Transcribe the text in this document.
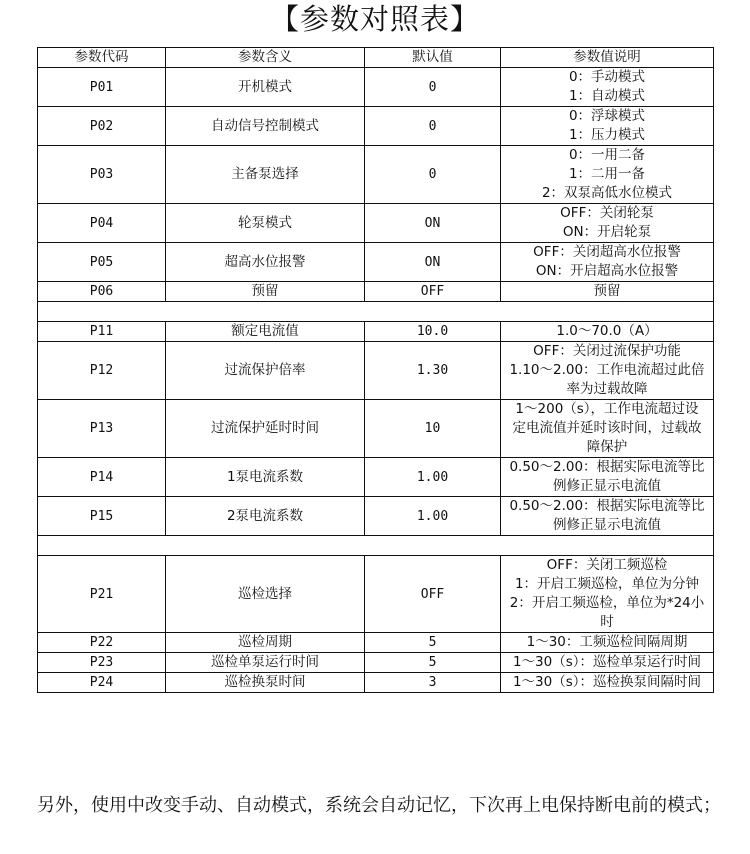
【参数对照表】
参数代码	参数含义	默认值	参数值说明
P01	开机模式	0	0：手动模式
1：自动模式
P02	自动信号控制模式	0	0：浮球模式
1：压力模式
P03	主备泵选择	0	0：一用二备
1：二用一备
2：双泵高低水位模式
P04	轮泵模式	ON	OFF：关闭轮泵
ON：开启轮泵
P05	超高水位报警	ON	OFF：关闭超高水位报警
ON：开启超高水位报警
P06	预留	OFF	预留

P11	额定电流值	10.0	1.0～70.0（A）
P12	过流保护倍率	1.30	OFF：关闭过流保护功能
1.10～2.00：工作电流超过此倍
率为过载故障
P13	过流保护延时时间	10	1～200（s），工作电流超过设
定电流值并延时该时间，过载故
障保护
P14	1泵电流系数	1.00	0.50～2.00：根据实际电流等比
例修正显示电流值
P15	2泵电流系数	1.00	0.50～2.00：根据实际电流等比
例修正显示电流值

P21	巡检选择	OFF	OFF：关闭工频巡检
1：开启工频巡检，单位为分钟
2：开启工频巡检，单位为*24小
时
P22	巡检周期	5	1～30：工频巡检间隔周期
P23	巡检单泵运行时间	5	1～30（s）：巡检单泵运行时间
P24	巡检换泵时间	3	1～30（s）：巡检换泵间隔时间
另外，使用中改变手动、自动模式，系统会自动记忆，下次再上电保持断电前的模式；
